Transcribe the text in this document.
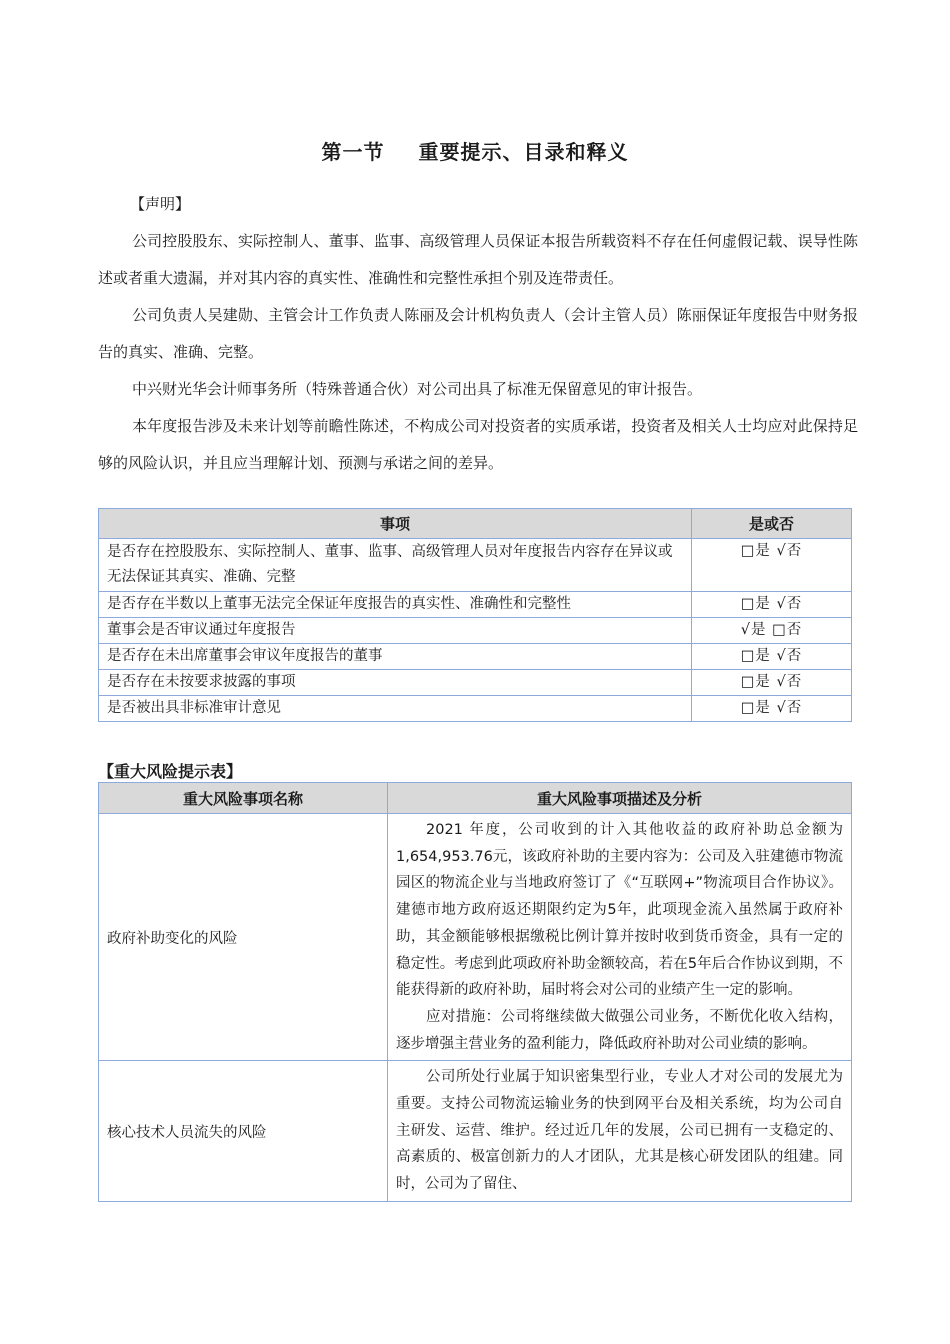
第一节 重要提示、目录和释义
【声明】
公司控股股东、实际控制人、董事、监事、高级管理人员保证本报告所载资料不存在任何虚假记载、误导性陈述或者重大遗漏，并对其内容的真实性、准确性和完整性承担个别及连带责任。
公司负责人吴建勋、主管会计工作负责人陈丽及会计机构负责人（会计主管人员）陈丽保证年度报告中财务报告的真实、准确、完整。
中兴财光华会计师事务所（特殊普通合伙）对公司出具了标准无保留意见的审计报告。
本年度报告涉及未来计划等前瞻性陈述，不构成公司对投资者的实质承诺，投资者及相关人士均应对此保持足够的风险认识，并且应当理解计划、预测与承诺之间的差异。
事项	是或否
是否存在控股股东、实际控制人、董事、监事、高级管理人员对年度报告内容存在异议或无法保证其真实、准确、完整	□是 √否
是否存在半数以上董事无法完全保证年度报告的真实性、准确性和完整性	□是 √否
董事会是否审议通过年度报告	√是 □否
是否存在未出席董事会审议年度报告的董事	□是 √否
是否存在未按要求披露的事项	□是 √否
是否被出具非标准审计意见	□是 √否
【重大风险提示表】
重大风险事项名称	重大风险事项描述及分析
政府补助变化的风险	2021 年度，公司收到的计入其他收益的政府补助总金额为1,654,953.76元，该政府补助的主要内容为：公司及入驻建德市物流园区的物流企业与当地政府签订了《“互联网+”物流项目合作协议》。建德市地方政府返还期限约定为5年，此项现金流入虽然属于政府补助，其金额能够根据缴税比例计算并按时收到货币资金，具有一定的稳定性。考虑到此项政府补助金额较高，若在5年后合作协议到期，不能获得新的政府补助，届时将会对公司的业绩产生一定的影响。

应对措施：公司将继续做大做强公司业务，不断优化收入结构，逐步增强主营业务的盈利能力，降低政府补助对公司业绩的影响。

核心技术人员流失的风险	公司所处行业属于知识密集型行业，专业人才对公司的发展尤为重要。支持公司物流运输业务的快到网平台及相关系统，均为公司自主研发、运营、维护。经过近几年的发展，公司已拥有一支稳定的、高素质的、极富创新力的人才团队，尤其是核心研发团队的组建。同时，公司为了留住、
